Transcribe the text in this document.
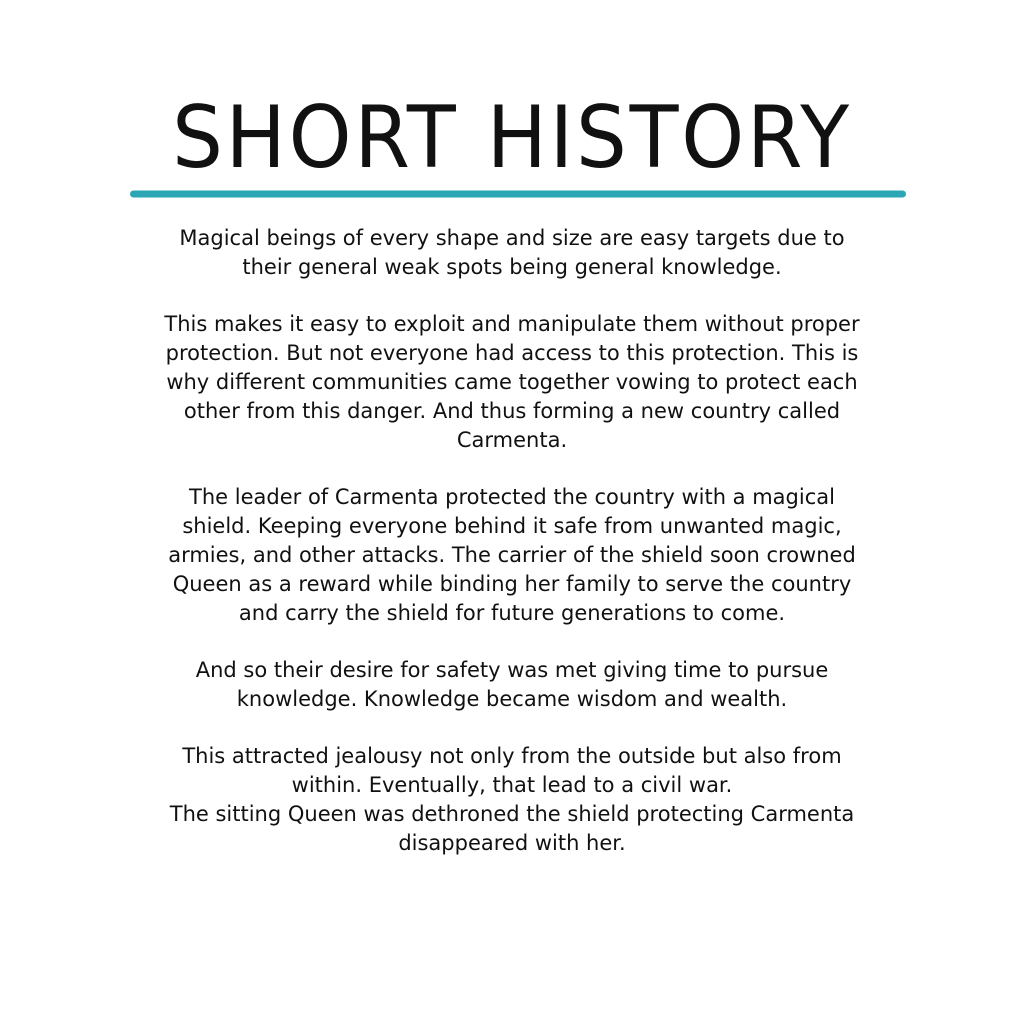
SHORT HISTORY

Magical beings of every shape and size are easy targets due to
their general weak spots being general knowledge.

This makes it easy to exploit and manipulate them without proper
protection. But not everyone had access to this protection. This is
why different communities came together vowing to protect each
other from this danger. And thus forming a new country called
Carmenta.

The leader of Carmenta protected the country with a magical
shield. Keeping everyone behind it safe from unwanted magic,
armies, and other attacks. The carrier of the shield soon crowned
Queen as a reward while binding her family to serve the country
and carry the shield for future generations to come.

And so their desire for safety was met giving time to pursue
knowledge. Knowledge became wisdom and wealth.

This attracted jealousy not only from the outside but also from
within. Eventually, that lead to a civil war.
The sitting Queen was dethroned the shield protecting Carmenta
disappeared with her.
